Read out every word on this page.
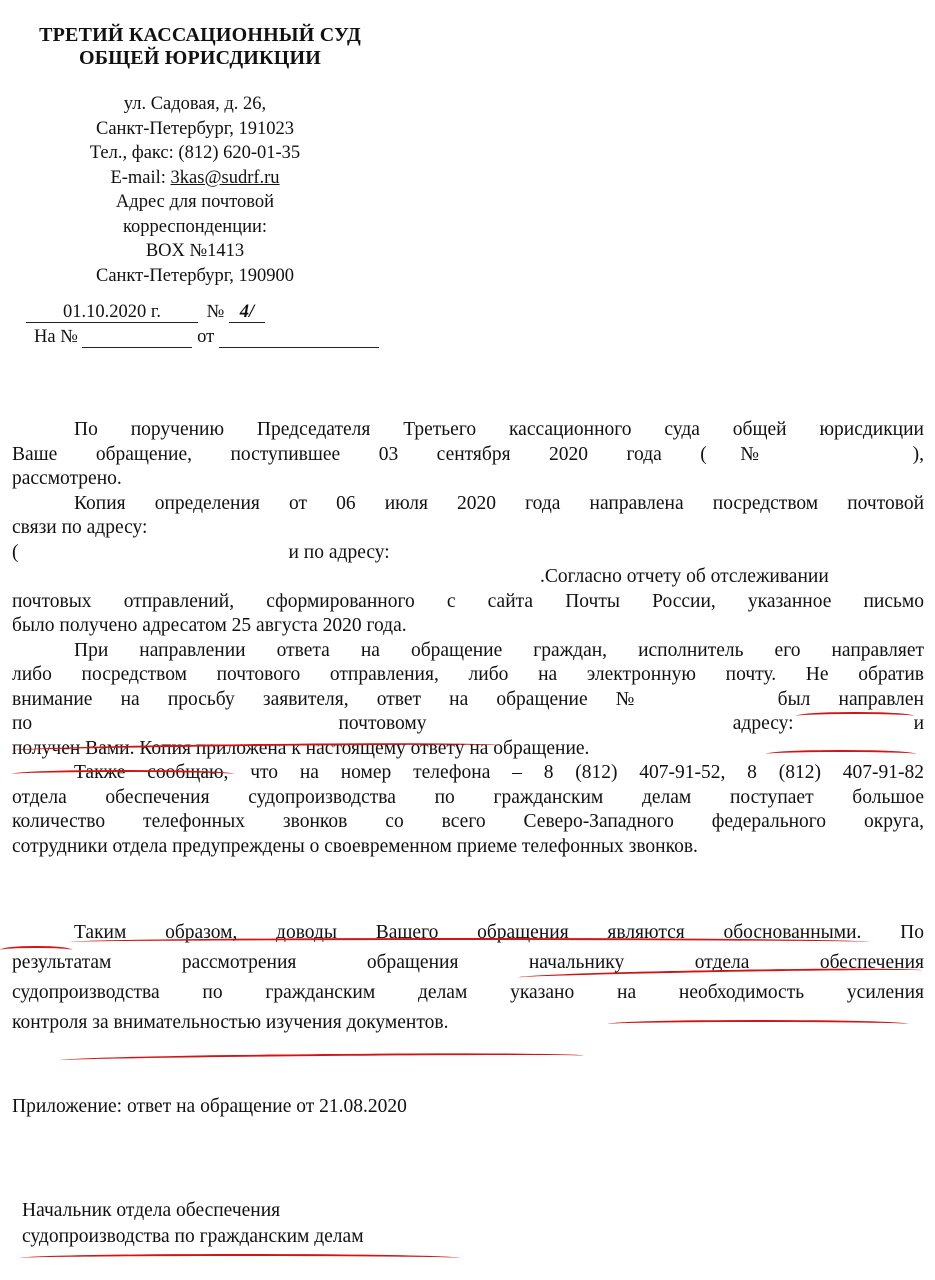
ТРЕТИЙ КАССАЦИОННЫЙ СУД
ОБЩЕЙ ЮРИСДИКЦИИ
ул. Садовая, д. 26,
Санкт-Петербург, 191023
Тел., факс: (812) 620-01-35
E-mail: 3kas@sudrf.ru
Адрес для почтовой
корреспонденции:
BOX №1413
Санкт-Петербург, 190900
01.10.2020 г. № 4/
На №	от
По поручению Председателя Третьего кассационного суда общей юрисдикции
Ваше обращение, поступившее 03 сентября 2020 года (№	),
рассмотрено.
Копия определения от 06 июля 2020 года направлена посредством почтовой
связи по адресу:
(	и по адресу:
.Согласно отчету об отслеживании
почтовых отправлений, сформированного с сайта Почты России, указанное письмо
было получено адресатом 25 августа 2020 года.
При направлении ответа на обращение граждан, исполнитель его направляет
либо посредством почтового отправления, либо на электронную почту. Не обратив
внимание на просьбу заявителя, ответ на обращение №	был направлен
по почтовому адресу:	и
получен Вами. Копия приложена к настоящему ответу на обращение.
Также сообщаю, что на номер телефона – 8 (812) 407-91-52, 8 (812) 407-91-82
отдела обеспечения судопроизводства по гражданским делам поступает большое
количество телефонных звонков со всего Северо-Западного федерального округа,
сотрудники отдела предупреждены о своевременном приеме телефонных звонков.
Таким образом, доводы Вашего обращения являются обоснованными. По
результатам рассмотрения обращения начальнику отдела обеспечения
судопроизводства по гражданским делам указано на необходимость усиления
контроля за внимательностью изучения документов.
Приложение: ответ на обращение от 21.08.2020
Начальник отдела обеспечения
судопроизводства по гражданским делам
